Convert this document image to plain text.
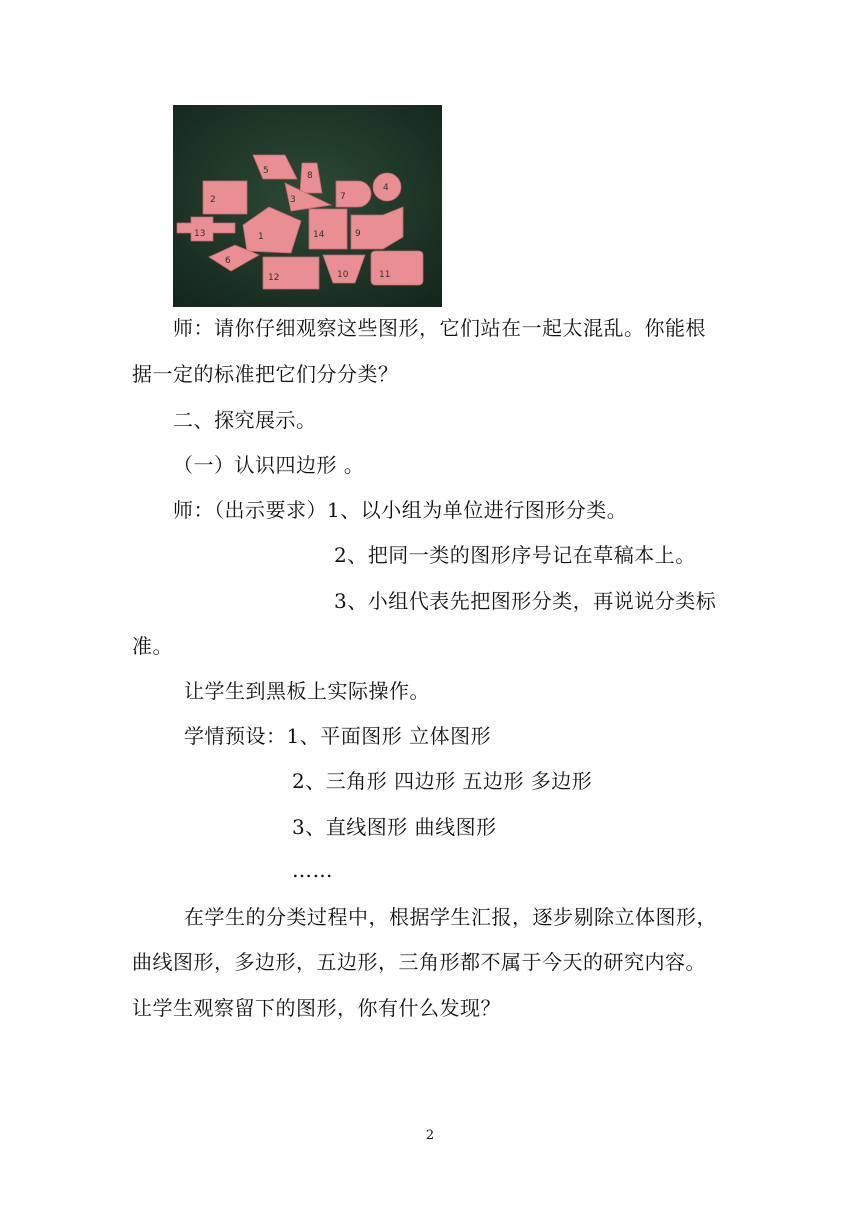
5	8
2	3	7
4
13	1	14	9
6
12	10	11
师：请你仔细观察这些图形，它们站在一起太混乱。你能根
据一定的标准把它们分分类？
二、探究展示。
（一）认识四边形 。
师：（出示要求）1、以小组为单位进行图形分类。
2、把同一类的图形序号记在草稿本上。
3、小组代表先把图形分类，再说说分类标
准。
让学生到黑板上实际操作。
学情预设：1、平面图形 立体图形
2、三角形 四边形 五边形 多边形
3、直线图形 曲线图形
……
在学生的分类过程中，根据学生汇报，逐步剔除立体图形，
曲线图形，多边形，五边形，三角形都不属于今天的研究内容。
让学生观察留下的图形，你有什么发现？
2
